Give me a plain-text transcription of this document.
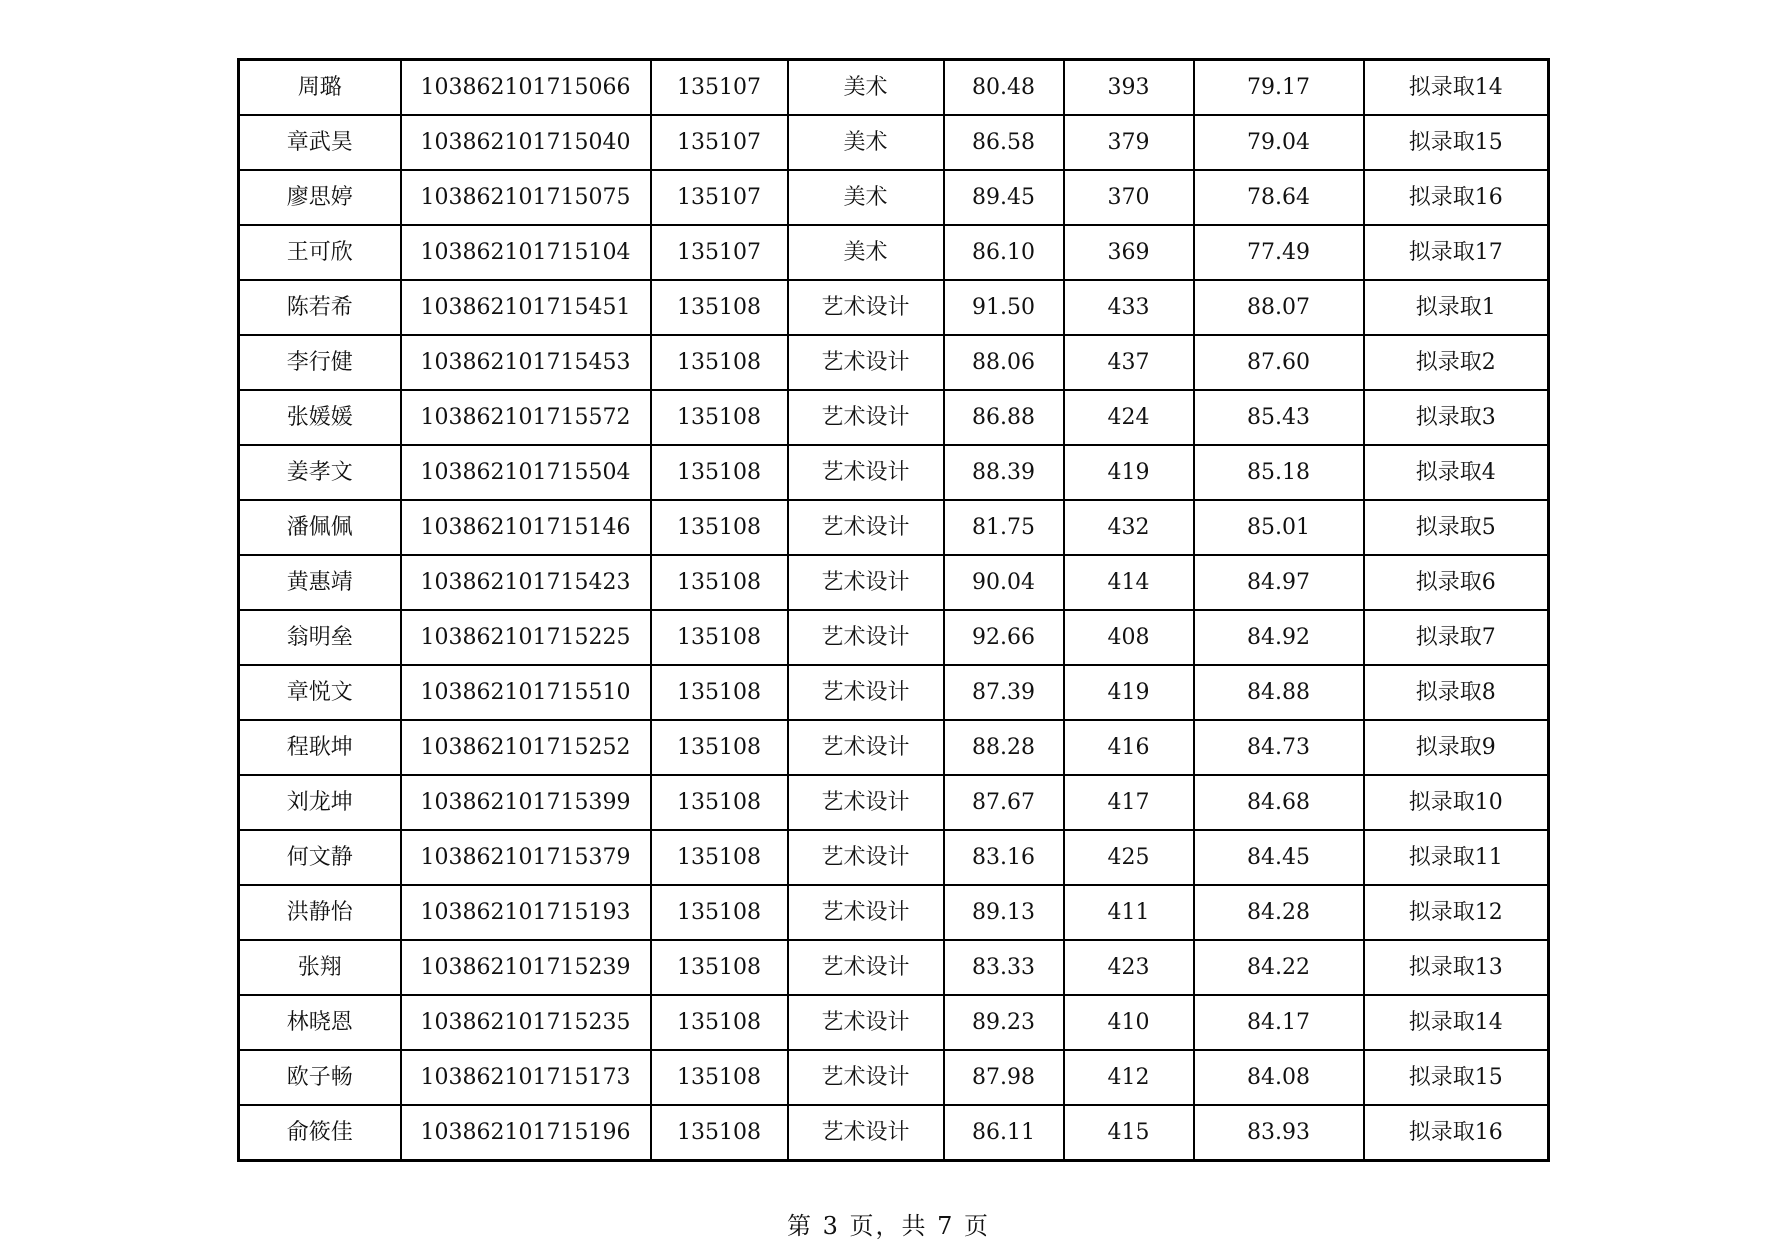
周璐	103862101715066	135107	美术	80.48	393	79.17	拟录取14
章武昊	103862101715040	135107	美术	86.58	379	79.04	拟录取15
廖思婷	103862101715075	135107	美术	89.45	370	78.64	拟录取16
王可欣	103862101715104	135107	美术	86.10	369	77.49	拟录取17
陈若希	103862101715451	135108	艺术设计	91.50	433	88.07	拟录取1
李行健	103862101715453	135108	艺术设计	88.06	437	87.60	拟录取2
张媛媛	103862101715572	135108	艺术设计	86.88	424	85.43	拟录取3
姜孝文	103862101715504	135108	艺术设计	88.39	419	85.18	拟录取4
潘佩佩	103862101715146	135108	艺术设计	81.75	432	85.01	拟录取5
黄惠靖	103862101715423	135108	艺术设计	90.04	414	84.97	拟录取6
翁明垒	103862101715225	135108	艺术设计	92.66	408	84.92	拟录取7
章悦文	103862101715510	135108	艺术设计	87.39	419	84.88	拟录取8
程耿坤	103862101715252	135108	艺术设计	88.28	416	84.73	拟录取9
刘龙坤	103862101715399	135108	艺术设计	87.67	417	84.68	拟录取10
何文静	103862101715379	135108	艺术设计	83.16	425	84.45	拟录取11
洪静怡	103862101715193	135108	艺术设计	89.13	411	84.28	拟录取12
张翔	103862101715239	135108	艺术设计	83.33	423	84.22	拟录取13
林晓恩	103862101715235	135108	艺术设计	89.23	410	84.17	拟录取14
欧子畅	103862101715173	135108	艺术设计	87.98	412	84.08	拟录取15
俞筱佳	103862101715196	135108	艺术设计	86.11	415	83.93	拟录取16
第 3 页，共 7 页
